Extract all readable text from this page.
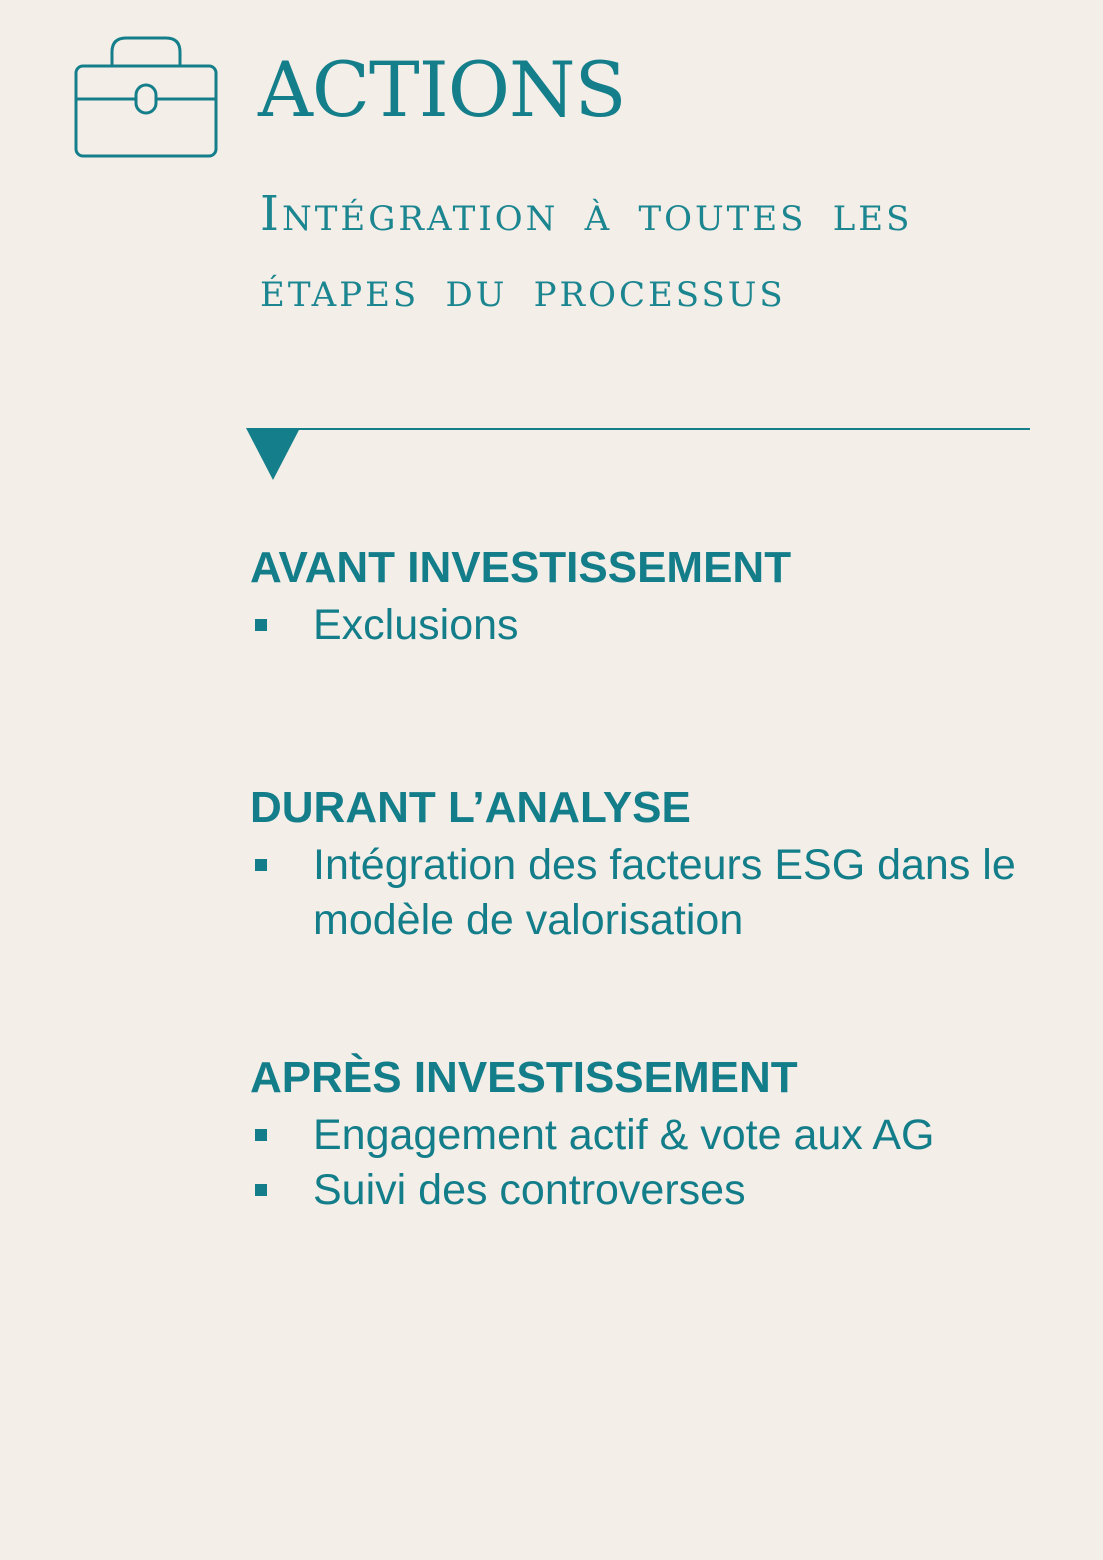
ACTIONS
Intégration à toutes les étapes du processus
AVANT INVESTISSEMENT
Exclusions
DURANT L’ANALYSE
Intégration des facteurs ESG dans le modèle de valorisation
APRÈS INVESTISSEMENT
Engagement actif & vote aux AG
Suivi des controverses
